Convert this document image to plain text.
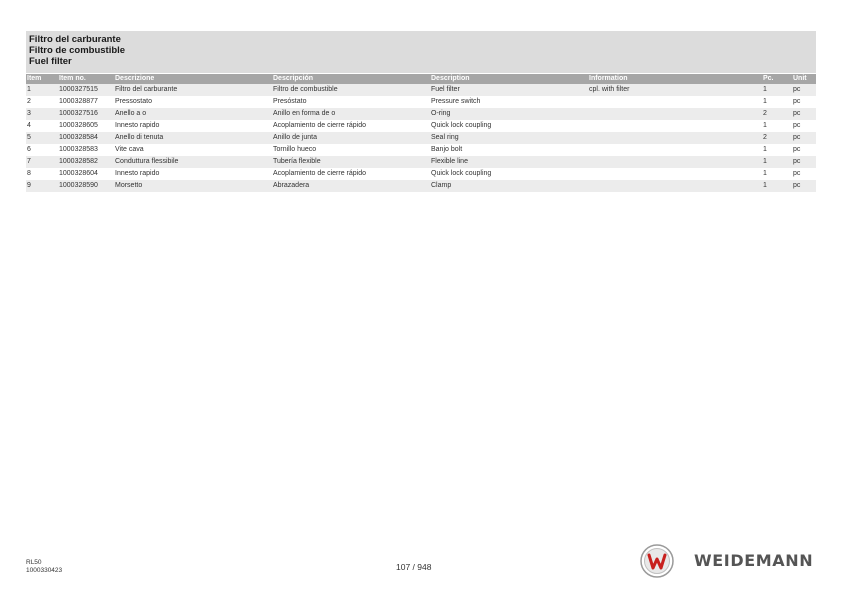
Filtro del carburante
Filtro de combustible
Fuel filter
Item	Item no.	Descrizione	Descripción	Description	Information	Pc.	Unit
1	1000327515	Filtro del carburante	Filtro de combustible	Fuel filter	cpl. with filter	1	pc
2	1000328877	Pressostato	Presóstato	Pressure switch		1	pc
3	1000327516	Anello a o	Anillo en forma de o	O-ring		2	pc
4	1000328605	Innesto rapido	Acoplamiento de cierre rápido	Quick lock coupling		1	pc
5	1000328584	Anello di tenuta	Anillo de junta	Seal ring		2	pc
6	1000328583	Vite cava	Tornillo hueco	Banjo bolt		1	pc
7	1000328582	Conduttura flessibile	Tubería flexible	Flexible line		1	pc
8	1000328604	Innesto rapido	Acoplamiento de cierre rápido	Quick lock coupling		1	pc
9	1000328590	Morsetto	Abrazadera	Clamp		1	pc
RL50
1000330423	107 / 948	WEIDEMANN
